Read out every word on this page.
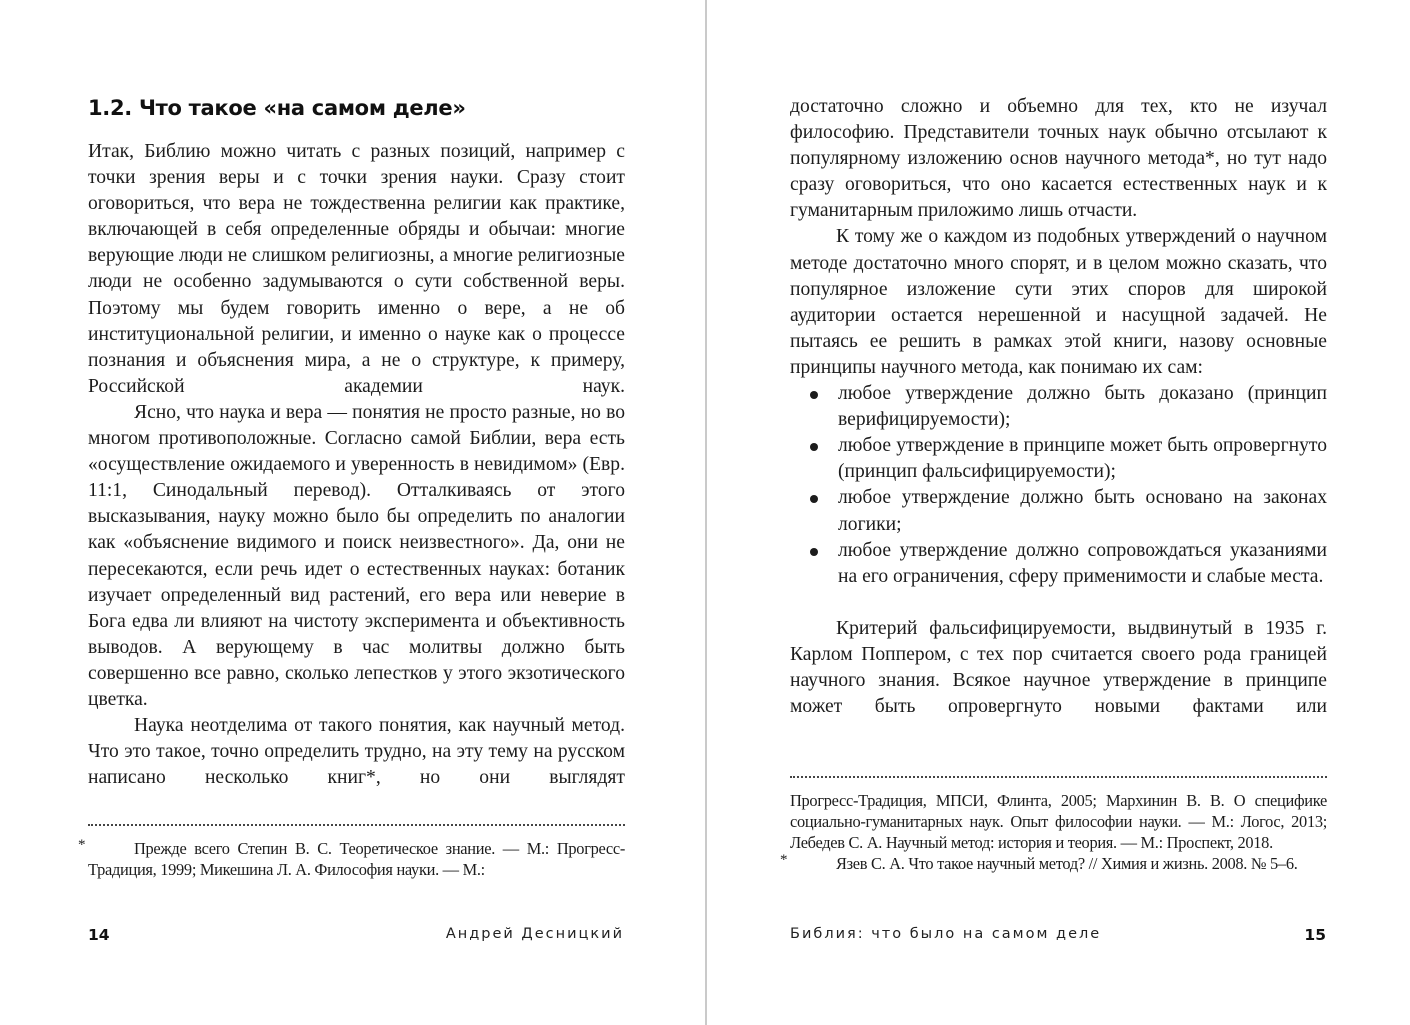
1.2. Что такое «на самом деле»
Итак, Библию можно читать с разных позиций, например с точки зрения веры и с точки зрения науки. Сразу стоит оговориться, что вера не тождественна религии как практике, включающей в себя определенные обряды и обычаи: многие верующие люди не слишком религиозны, а многие религиозные люди не особенно задумываются о сути собственной веры. Поэтому мы будем говорить именно о вере, а не об институциональной религии, и именно о науке как о процессе познания и объяснения мира, а не о структуре, к примеру, Российской академии наук.
Ясно, что наука и вера — понятия не просто разные, но во многом противоположные. Согласно самой Библии, вера есть «осуществление ожидаемого и уверенность в невидимом» (Евр. 11:1, Синодальный перевод). Отталкиваясь от этого высказывания, науку можно было бы определить по аналогии как «объяснение видимого и поиск неизвестного». Да, они не пересекаются, если речь идет о естественных науках: ботаник изучает определенный вид растений, его вера или неверие в Бога едва ли влияют на чистоту эксперимента и объективность выводов. А верующему в час молитвы должно быть совершенно все равно, сколько лепестков у этого экзотического цветка.
Наука неотделима от такого понятия, как научный метод. Что это такое, точно определить трудно, на эту тему на русском написано несколько книг*, но они выглядят
*	Прежде всего Степин В. С. Теоретическое знание. — М.: Прогресс-Традиция, 1999; Микешина Л. А. Философия науки. — М.:
14	Андрей Десницкий
достаточно сложно и объемно для тех, кто не изучал философию. Представители точных наук обычно отсылают к популярному изложению основ научного метода*, но тут надо сразу оговориться, что оно касается естественных наук и к гуманитарным приложимо лишь отчасти.
К тому же о каждом из подобных утверждений о научном методе достаточно много спорят, и в целом можно сказать, что популярное изложение сути этих споров для широкой аудитории остается нерешенной и насущной задачей. Не пытаясь ее решить в рамках этой книги, назову основные принципы научного метода, как понимаю их сам:
любое утверждение должно быть доказано (принцип верифицируемости);
любое утверждение в принципе может быть опровергнуто (принцип фальсифицируемости);
любое утверждение должно быть основано на законах логики;
любое утверждение должно сопровождаться указаниями на его ограничения, сферу применимости и слабые места.
Критерий фальсифицируемости, выдвинутый в 1935 г. Карлом Поппером, с тех пор считается своего рода границей научного знания. Всякое научное утверждение в принципе может быть опровергнуто новыми фактами или
Прогресс-Традиция, МПСИ, Флинта, 2005; Мархинин В. В. О специфике социально-гуманитарных наук. Опыт философии науки. — М.: Логос, 2013; Лебедев С. А. Научный метод: история и теория. — М.: Проспект, 2018.
*	Язев С. А. Что такое научный метод? // Химия и жизнь. 2008. № 5–6.
Библия: что было на самом деле	15
